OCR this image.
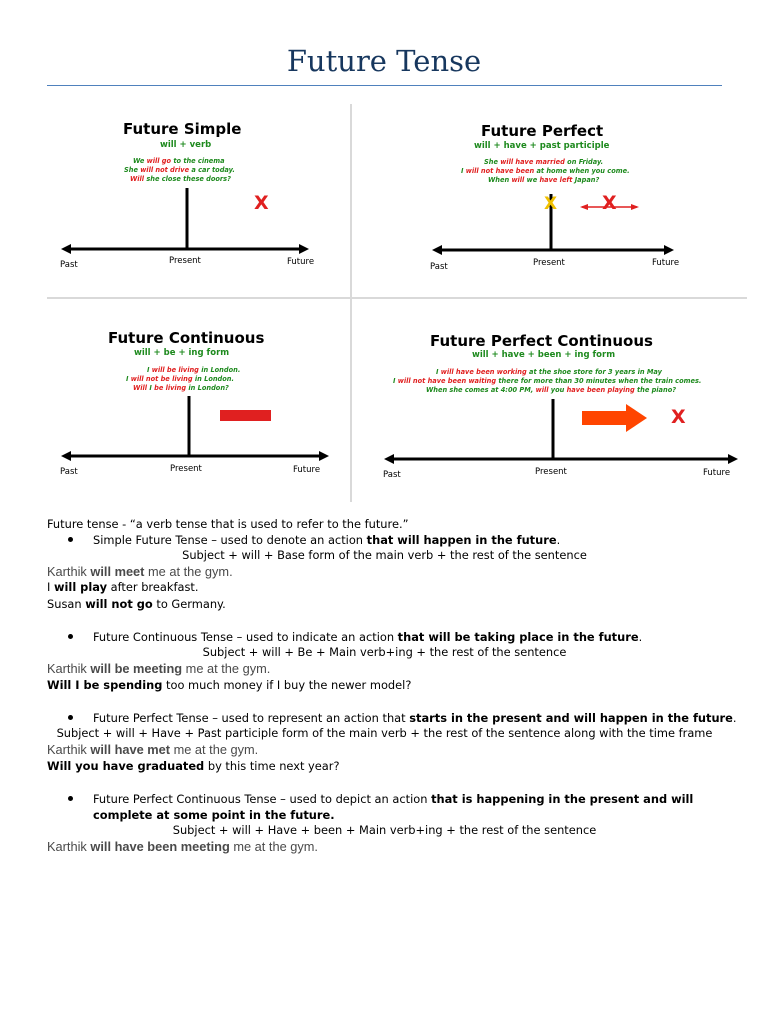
Future Tense
Future Simple
will + verb
We will go to the cinema
She will not drive a car today.
Will she close these doors?
X
Past	Present	Future
Future Perfect
will + have + past participle
She will have married on Friday.
I will not have been at home when you come.
When will we have left Japan?
X X
Past	Present	Future
Future Continuous
will + be + ing form
I will be living in London.
I will not be living in London.
Will I be living in London?
Past	Present	Future
Future Perfect Continuous
will + have + been + ing form
I will have been working at the shoe store for 3 years in May
I will not have been waiting there for more than 30 minutes when the train comes.
When she comes at 4:00 PM, will you have been playing the piano?
X
Past	Present	Future
Future tense - “a verb tense that is used to refer to the future.”
Simple Future Tense – used to denote an action that will happen in the future.
Subject + will + Base form of the main verb + the rest of the sentence
Karthik will meet me at the gym.
I will play after breakfast.
Susan will not go to Germany.
Future Continuous Tense – used to indicate an action that will be taking place in the future.
Subject + will + Be + Main verb+ing + the rest of the sentence
Karthik will be meeting me at the gym.
Will I be spending too much money if I buy the newer model?
Future Perfect Tense – used to represent an action that starts in the present and will happen in the future.
Subject + will + Have + Past participle form of the main verb + the rest of the sentence along with the time frame
Karthik will have met me at the gym.
Will you have graduated by this time next year?
Future Perfect Continuous Tense – used to depict an action that is happening in the present and will
complete at some point in the future.
Subject + will + Have + been + Main verb+ing + the rest of the sentence
Karthik will have been meeting me at the gym.
